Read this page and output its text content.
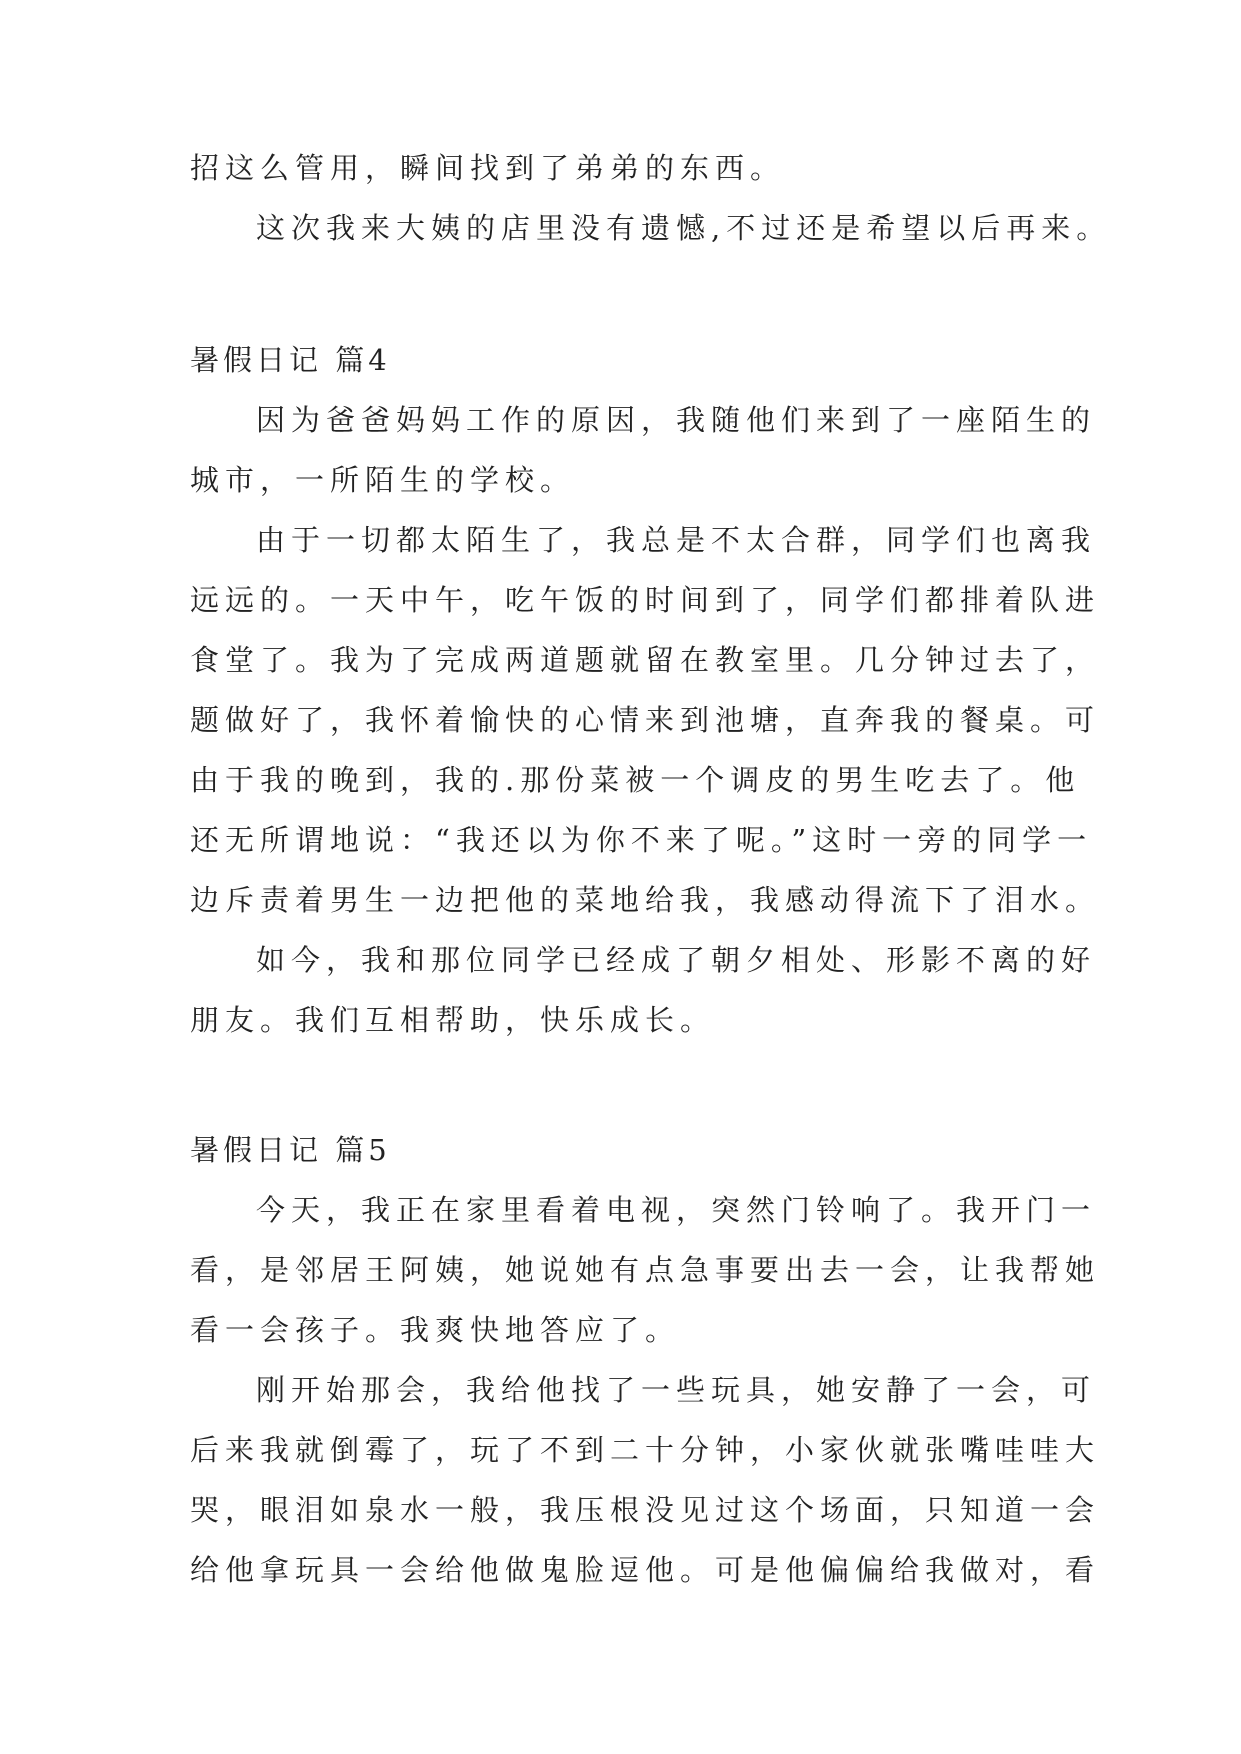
招这么管用，瞬间找到了弟弟的东西。
这次我来大姨的店里没有遗憾,不过还是希望以后再来。
暑假日记 篇4
因为爸爸妈妈工作的原因，我随他们来到了一座陌生的
城市，一所陌生的学校。
由于一切都太陌生了，我总是不太合群，同学们也离我
远远的。一天中午，吃午饭的时间到了，同学们都排着队进
食堂了。我为了完成两道题就留在教室里。几分钟过去了，
题做好了，我怀着愉快的心情来到池塘，直奔我的餐桌。可
由于我的晚到，我的.那份菜被一个调皮的男生吃去了。他
还无所谓地说：“我还以为你不来了呢。”这时一旁的同学一
边斥责着男生一边把他的菜地给我，我感动得流下了泪水。
如今，我和那位同学已经成了朝夕相处、形影不离的好
朋友。我们互相帮助，快乐成长。
暑假日记 篇5
今天，我正在家里看着电视，突然门铃响了。我开门一
看，是邻居王阿姨，她说她有点急事要出去一会，让我帮她
看一会孩子。我爽快地答应了。
刚开始那会，我给他找了一些玩具，她安静了一会，可
后来我就倒霉了，玩了不到二十分钟，小家伙就张嘴哇哇大
哭，眼泪如泉水一般，我压根没见过这个场面，只知道一会
给他拿玩具一会给他做鬼脸逗他。可是他偏偏给我做对，看
